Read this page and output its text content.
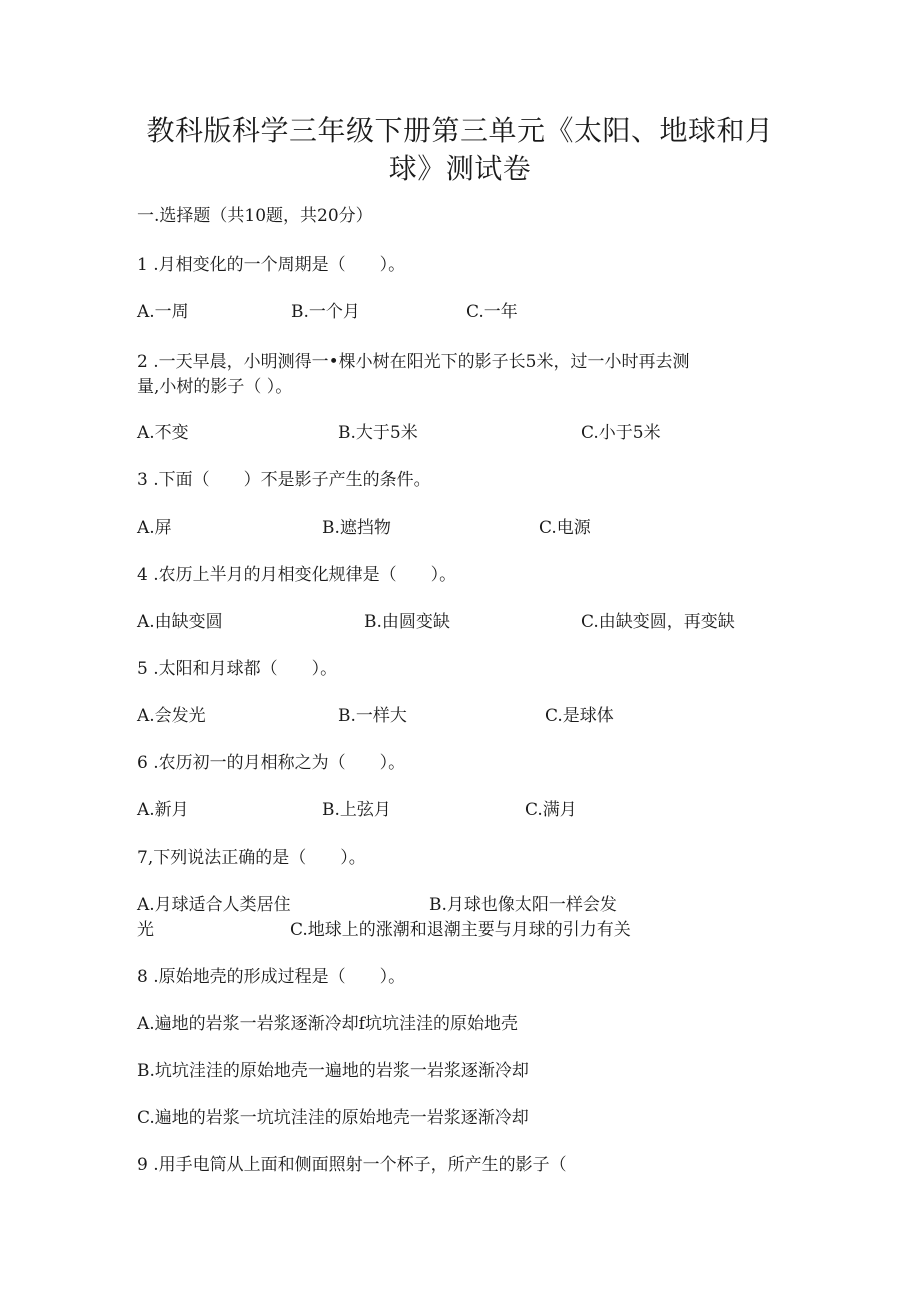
教科版科学三年级下册第三单元《太阳、地球和月
球》测试卷
一.选择题（共10题，共20分）
1 .月相变化的一个周期是（　　）。
A.一周	B.一个月	C.一年
2 .一天早晨，小明测得一•棵小树在阳光下的影子长5米，过一小时再去测
量,小树的影子（ ）。
A.不变	B.大于5米	C.小于5米
3 .下面（　　）不是影子产生的条件。
A.屏	B.遮挡物	C.电源
4 .农历上半月的月相变化规律是（　　）。
A.由缺变圆	B.由圆变缺	C.由缺变圆，再变缺
5 .太阳和月球都（　　）。
A.会发光	B.一样大	C.是球体
6 .农历初一的月相称之为（　　）。
A.新月	B.上弦月	C.满月
7,下列说法正确的是（　　）。
A.月球适合人类居住	B.月球也像太阳一样会发
光	C.地球上的涨潮和退潮主要与月球的引力有关
8 .原始地壳的形成过程是（　　）。
A.遍地的岩浆一岩浆逐渐冷却f坑坑洼洼的原始地壳
B.坑坑洼洼的原始地壳一遍地的岩浆一岩浆逐渐冷却
C.遍地的岩浆一坑坑洼洼的原始地壳一岩浆逐渐冷却
9 .用手电筒从上面和侧面照射一个杯子，所产生的影子（
